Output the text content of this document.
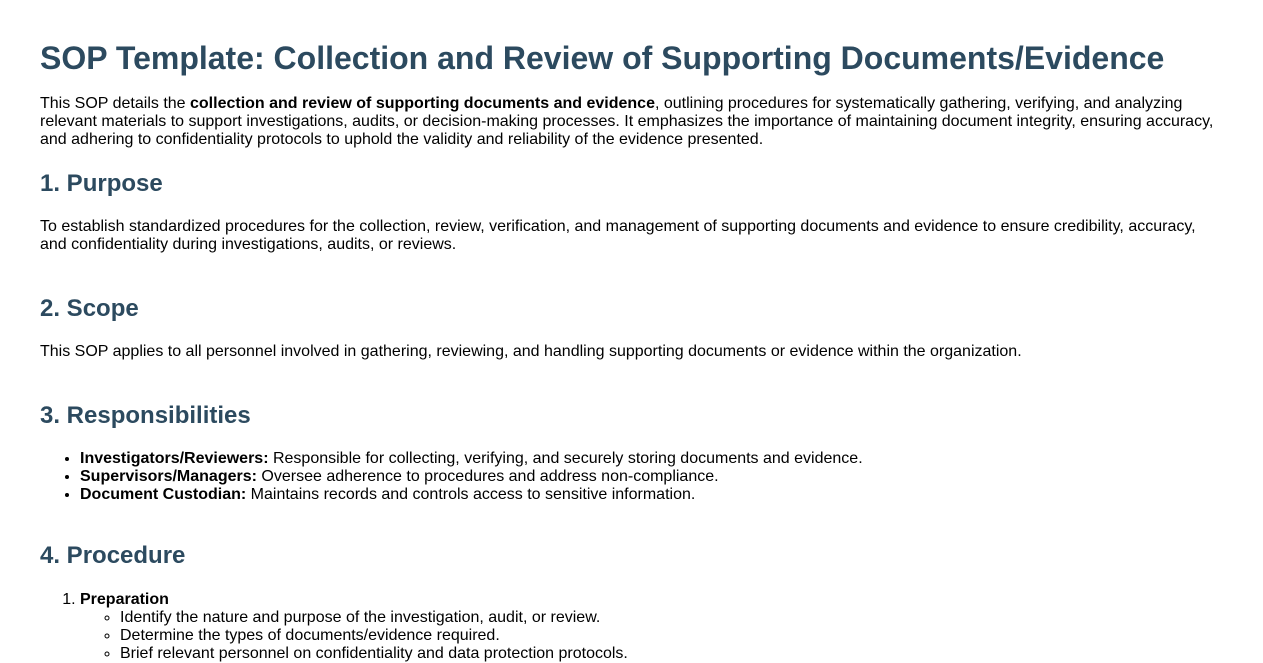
SOP Template: Collection and Review of Supporting Documents/Evidence

This SOP details the collection and review of supporting documents and evidence, outlining procedures for systematically gathering, verifying, and analyzing relevant materials to support investigations, audits, or decision-making processes. It emphasizes the importance of maintaining document integrity, ensuring accuracy, and adhering to confidentiality protocols to uphold the validity and reliability of the evidence presented.

1. Purpose

To establish standardized procedures for the collection, review, verification, and management of supporting documents and evidence to ensure credibility, accuracy, and confidentiality during investigations, audits, or reviews.

2. Scope

This SOP applies to all personnel involved in gathering, reviewing, and handling supporting documents or evidence within the organization.

3. Responsibilities
• Investigators/Reviewers: Responsible for collecting, verifying, and securely storing documents and evidence.
• Supervisors/Managers: Oversee adherence to procedures and address non-compliance.
• Document Custodian: Maintains records and controls access to sensitive information.
4. Procedure
1. Preparation
◦ Identify the nature and purpose of the investigation, audit, or review.
◦ Determine the types of documents/evidence required.
◦ Brief relevant personnel on confidentiality and data protection protocols.
